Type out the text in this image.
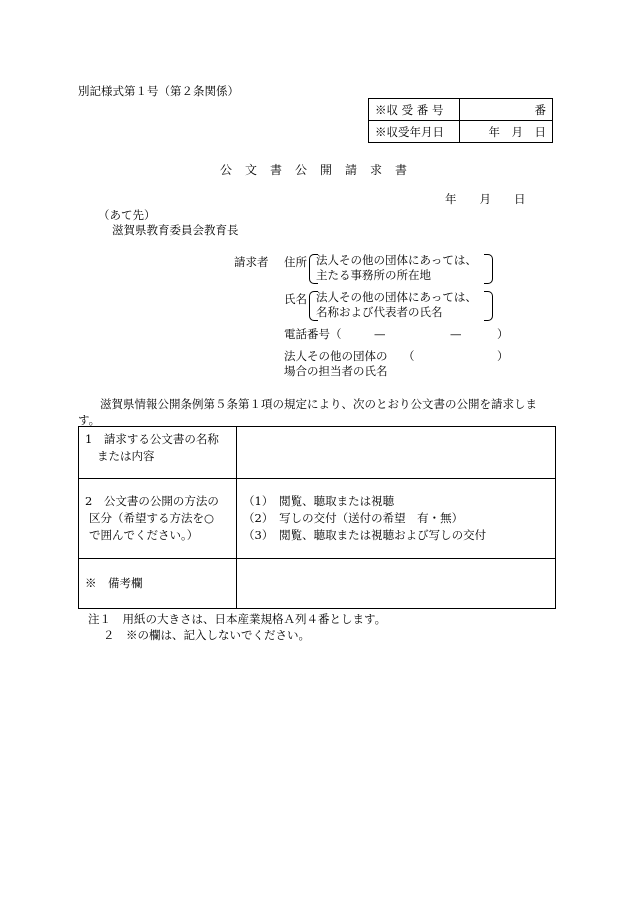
別記様式第１号（第２条関係）
※収 受 番 号	番
※収受年月日	年　月　日
公文書公開請求書
年　　月　　日
（あて先）
滋賀県教育委員会教育長
請求者 住所 法人その他の団体にあっては、
主たる事務所の所在地
氏名 法人その他の団体にあっては、
名称および代表者の氏名
電話番号（	—	—	）
法人その他の団体の
場合の担当者の氏名
（	）
滋賀県情報公開条例第５条第１項の規定により、次のとおり公文書の公開を請求します。
1　請求する公文書の名称
または内容	

2　公文書の公開の方法の
区分（希望する方法を○
で囲んでください。）	（1）　閲覧、聴取または視聴
（2）　写しの交付（送付の希望　有・無）
（3）　閲覧、聴取または視聴および写しの交付

※　備考欄	
注１　用紙の大きさは、日本産業規格Ａ列４番とします。
２　※の欄は、記入しないでください。
